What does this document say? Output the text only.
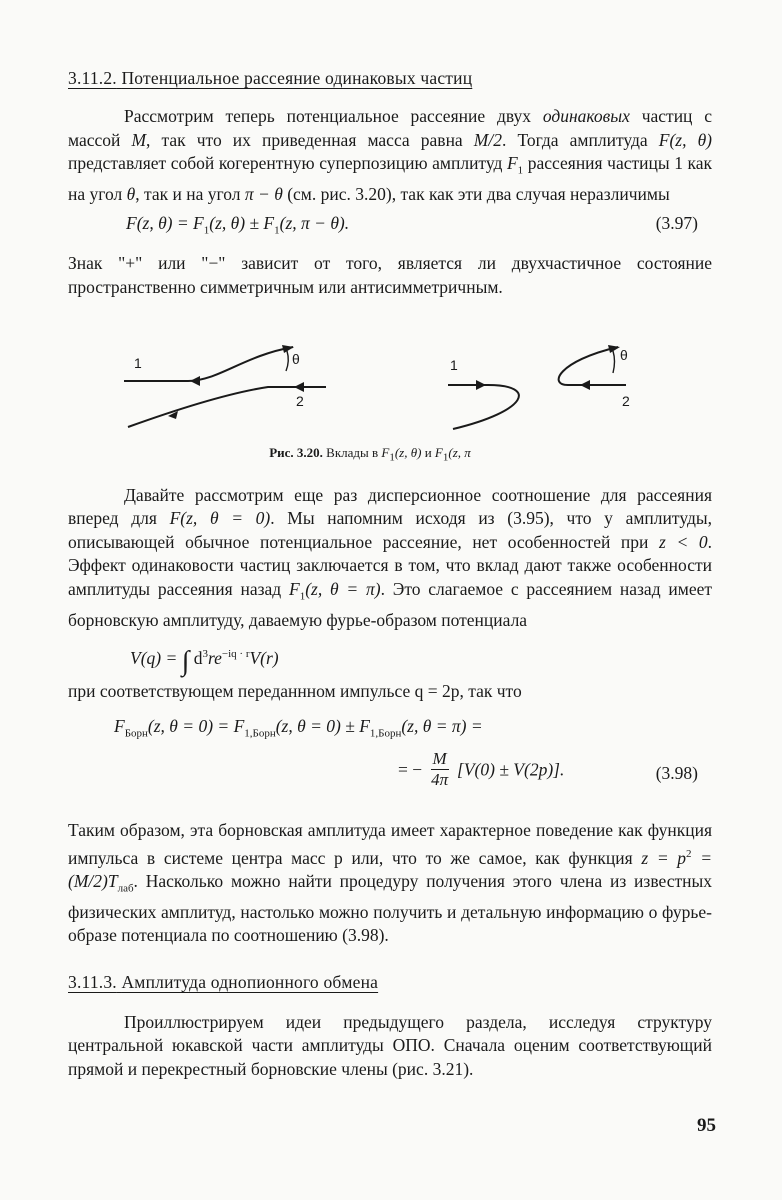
3.11.2. Потенциальное рассеяние одинаковых частиц

Рассмотрим теперь потенциальное рассеяние двух одинаковых частиц с массой M, так что их приведенная масса равна M/2. Тогда амплитуда F(z, θ) представляет собой когерентную суперпозицию амплитуд $F_1$ рассеяния частицы 1 как на угол θ, так и на угол π − θ (см. рис. 3.20), так как эти два случая неразличимы

F(z, $\theta) = F_1(z$, $\theta) \pm F_1(z$, π − θ).	(3.97)

Знак "+" или "−" зависит от того, является ли двухчастичное состояние пространственно симметричным или антисимметричным.

1	θ
2
1
θ
2

Рис. 3.20. Вклады в $F_1(z$, θ) и $F_1(z$, π

Давайте рассмотрим еще раз дисперсионное соотношение для рассеяния вперед для F(z, θ = 0). Мы напомним исходя из (3.95), что у амплитуды, описывающей обычное потенциальное рассеяние, нет особенностей при z < 0. Эффект одинаковости частиц заключается в том, что вклад дают также особенности амплитуды рассеяния назад $F_1(z$, θ = π). Это слагаемое с рассеянием назад имеет борновскую амплитуду, даваемую фурье-образом потенциала

V(q) = ∫ $d^3re^{-iq \cdot r}V(r)$

при соответствующем переданнном импульсе q = 2p, так что

$F_{Борн}(z$, $\theta = 0) = F_{1,Борн}(z$, $\theta = 0) \pm F_{1,Борн}(z$, θ = π) =
= − $\frac{M}{4\pi} [V(0) \pm V(2p)]$.	(3.98)

Таким образом, эта борновская амплитуда имеет характерное поведение как функция импульса в системе центра масс p или, что то же самое, как функция $z = p^2 = (M/2)T_{лаб}$. Насколько можно найти процедуру получения этого члена из известных физических амплитуд, настолько можно получить и детальную информацию о фурье-образе потенциала по соотношению (3.98).

3.11.3. Амплитуда однопионного обмена

Проиллюстрируем идеи предыдущего раздела, исследуя структуру центральной юкавской части амплитуды ОПО. Сначала оценим соответствующий прямой и перекрестный борновские члены (рис. 3.21).

95
